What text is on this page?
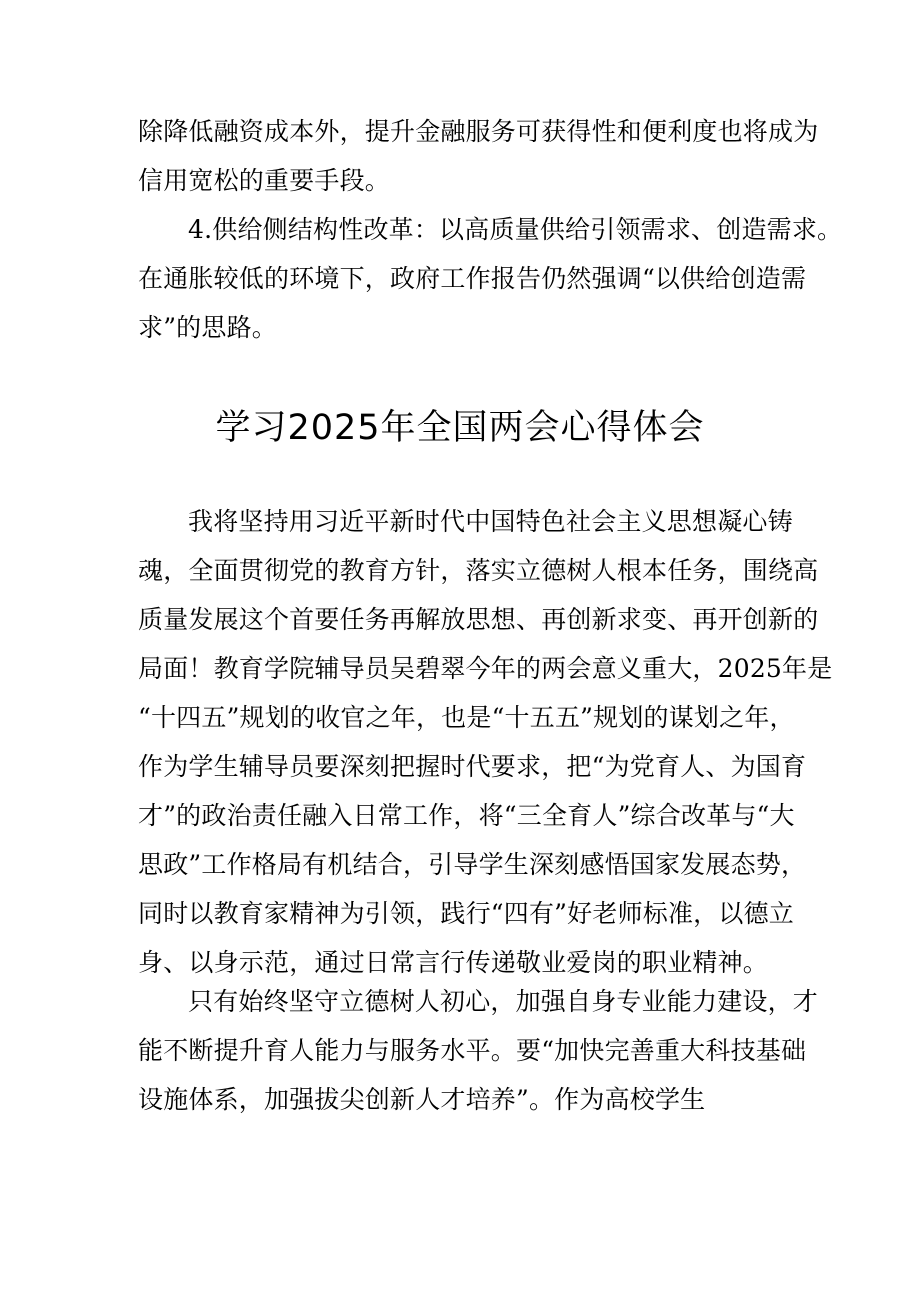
除降低融资成本外，提升金融服务可获得性和便利度也将成为
信用宽松的重要手段。
4.供给侧结构性改革：以高质量供给引领需求、创造需求。
在通胀较低的环境下，政府工作报告仍然强调“以供给创造需
求”的思路。
学习2025年全国两会心得体会
我将坚持用习近平新时代中国特色社会主义思想凝心铸
魂，全面贯彻党的教育方针，落实立德树人根本任务，围绕高
质量发展这个首要任务再解放思想、再创新求变、再开创新的
局面！教育学院辅导员吴碧翠今年的两会意义重大，2025年是
“十四五”规划的收官之年，也是“十五五”规划的谋划之年，
作为学生辅导员要深刻把握时代要求，把“为党育人、为国育
才”的政治责任融入日常工作，将“三全育人”综合改革与“大
思政”工作格局有机结合，引导学生深刻感悟国家发展态势，
同时以教育家精神为引领，践行“四有”好老师标准，以德立
身、以身示范，通过日常言行传递敬业爱岗的职业精神。
只有始终坚守立德树人初心，加强自身专业能力建设，才
能不断提升育人能力与服务水平。要“加快完善重大科技基础
设施体系，加强拔尖创新人才培养”。作为高校学生
